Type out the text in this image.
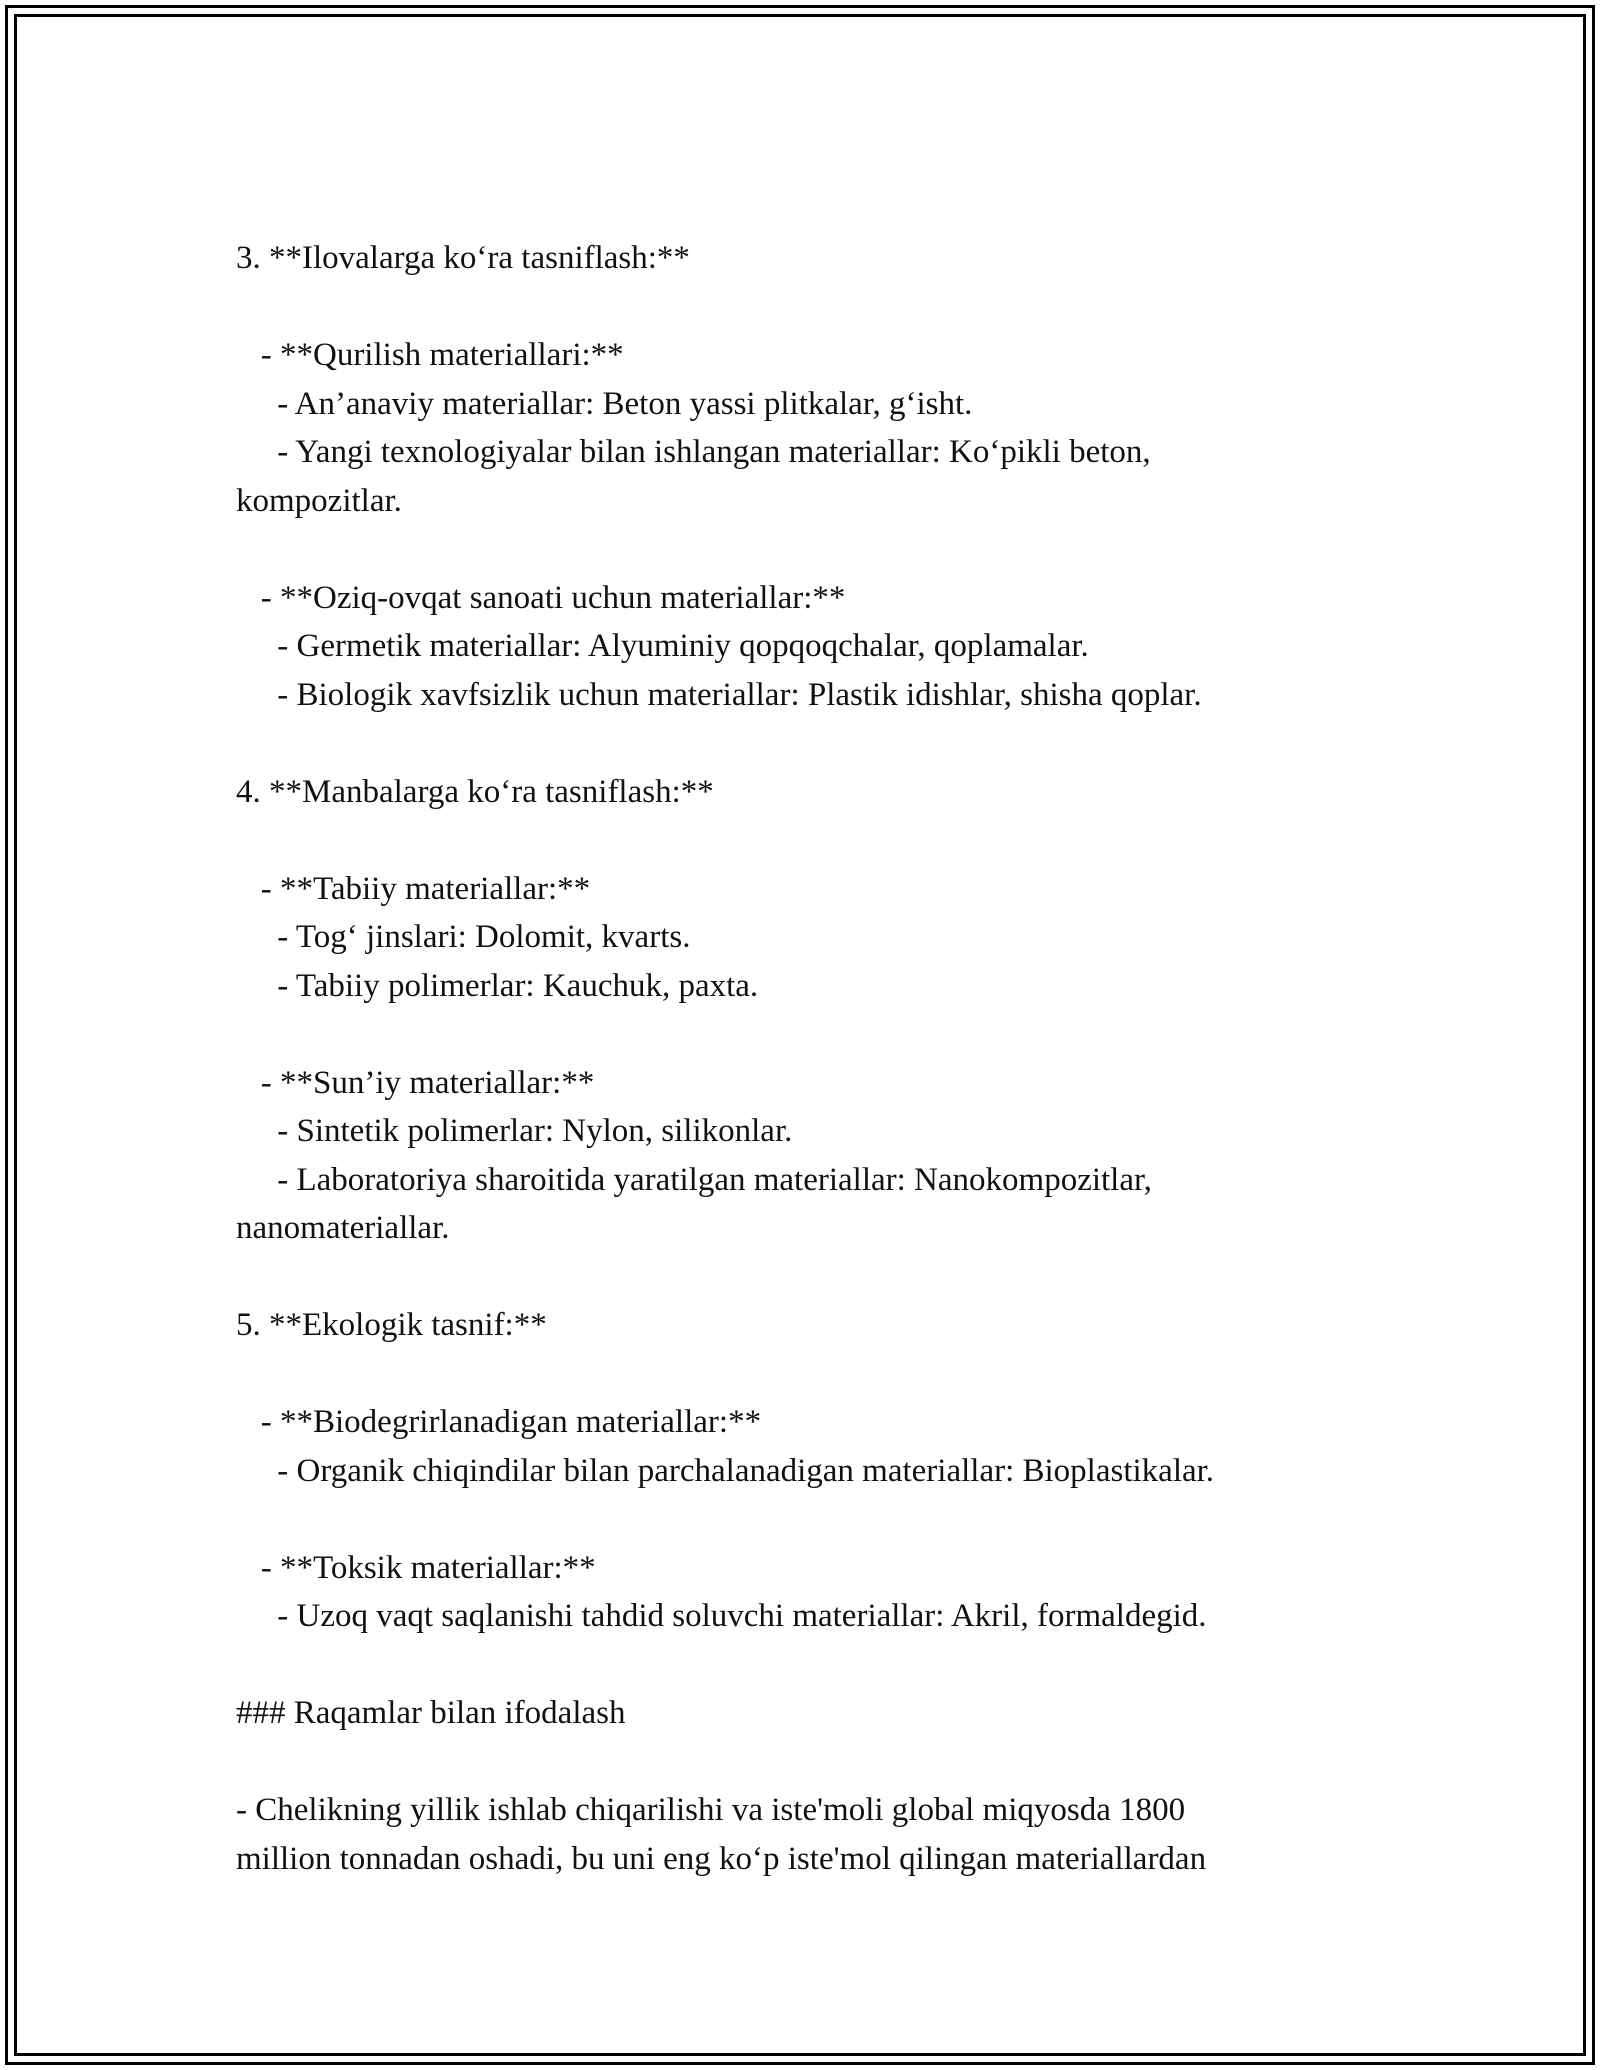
3. **Ilovalarga ko‘ra tasniflash:**
- **Qurilish materiallari:**
- An’anaviy materiallar: Beton yassi plitkalar, g‘isht.
- Yangi texnologiyalar bilan ishlangan materiallar: Ko‘pikli beton,
kompozitlar.
- **Oziq-ovqat sanoati uchun materiallar:**
- Germetik materiallar: Alyuminiy qopqoqchalar, qoplamalar.
- Biologik xavfsizlik uchun materiallar: Plastik idishlar, shisha qoplar.
4. **Manbalarga ko‘ra tasniflash:**
- **Tabiiy materiallar:**
- Tog‘ jinslari: Dolomit, kvarts.
- Tabiiy polimerlar: Kauchuk, paxta.
- **Sun’iy materiallar:**
- Sintetik polimerlar: Nylon, silikonlar.
- Laboratoriya sharoitida yaratilgan materiallar: Nanokompozitlar,
nanomateriallar.
5. **Ekologik tasnif:**
- **Biodegrirlanadigan materiallar:**
- Organik chiqindilar bilan parchalanadigan materiallar: Bioplastikalar.
- **Toksik materiallar:**
- Uzoq vaqt saqlanishi tahdid soluvchi materiallar: Akril, formaldegid.
### Raqamlar bilan ifodalash
- Chelikning yillik ishlab chiqarilishi va iste'moli global miqyosda 1800
million tonnadan oshadi, bu uni eng ko‘p iste'mol qilingan materiallardan
